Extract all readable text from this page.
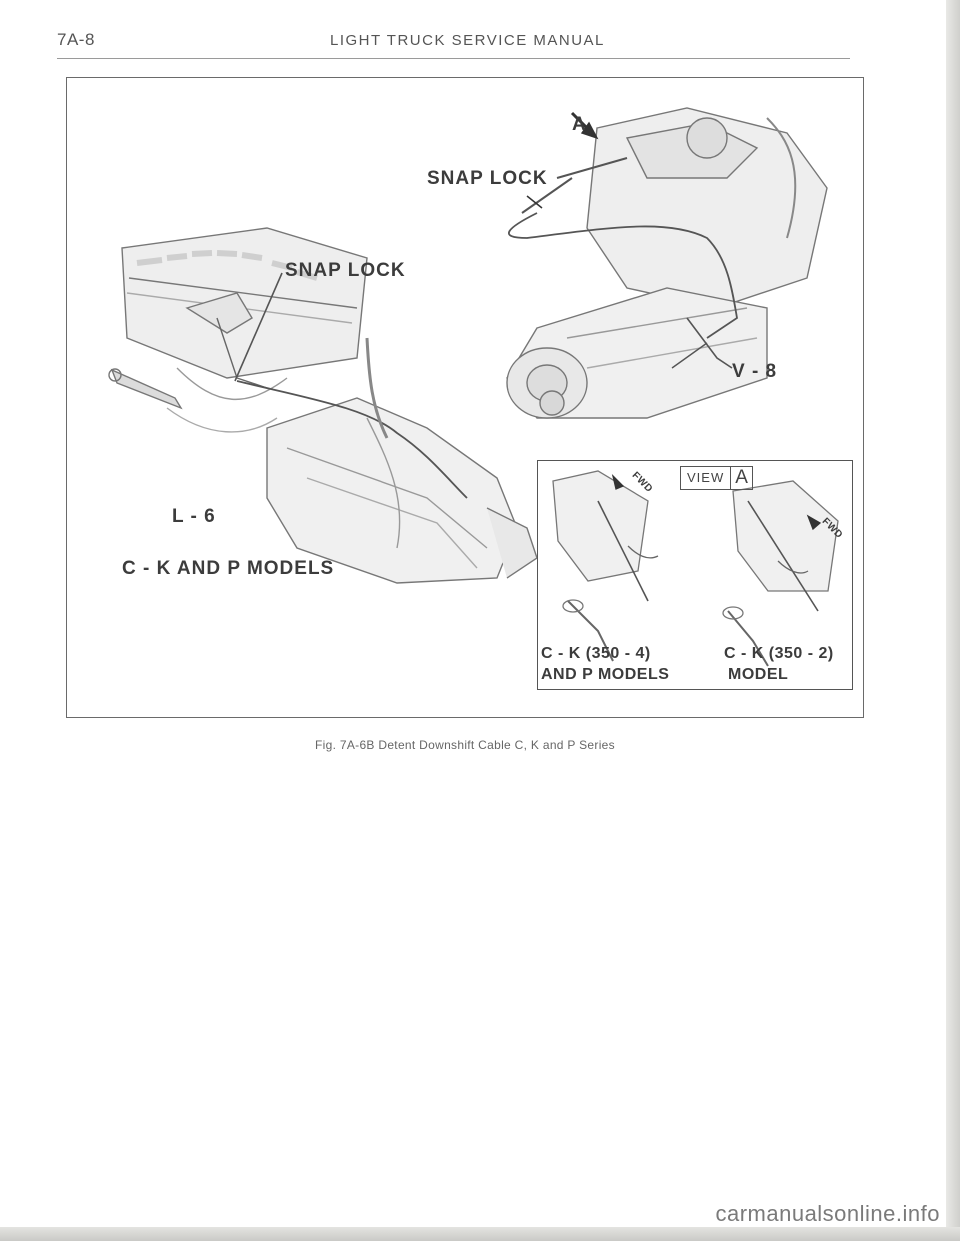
7A-8	LIGHT TRUCK SERVICE MANUAL
A
SNAP LOCK
SNAP LOCK
V - 8
L - 6
C - K AND P MODELS
VIEW A
FWD
FWD
C - K (350 - 4)
AND P MODELS
C - K (350 - 2)
MODEL
Fig. 7A-6B Detent Downshift Cable C, K and P Series
carmanualsonline.info
